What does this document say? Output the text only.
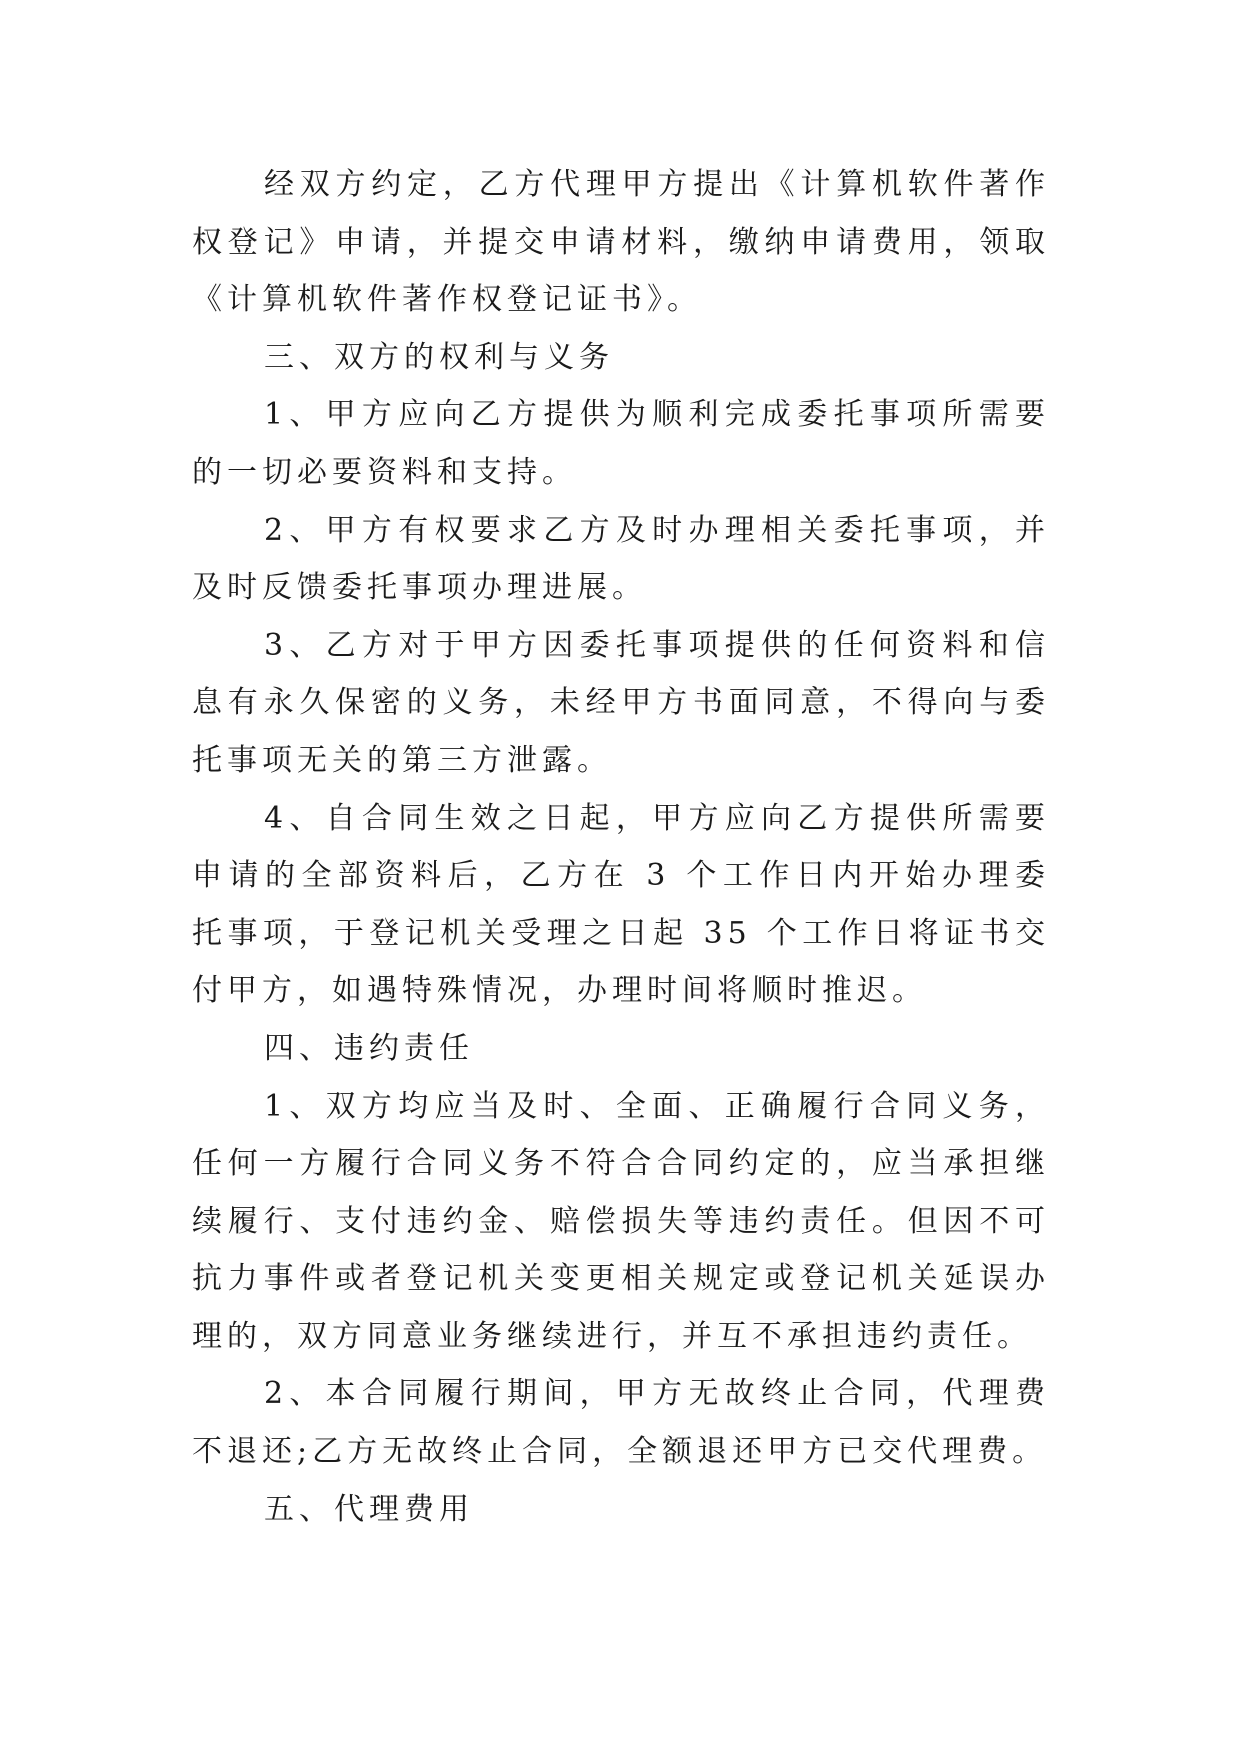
经双方约定，乙方代理甲方提出《计算机软件著作权登记》申请，并提交申请材料，缴纳申请费用，领取《计算机软件著作权登记证书》。

三、双方的权利与义务

1、甲方应向乙方提供为顺利完成委托事项所需要的一切必要资料和支持。

2、甲方有权要求乙方及时办理相关委托事项，并及时反馈委托事项办理进展。

3、乙方对于甲方因委托事项提供的任何资料和信息有永久保密的义务，未经甲方书面同意，不得向与委托事项无关的第三方泄露。

4、自合同生效之日起，甲方应向乙方提供所需要申请的全部资料后，乙方在 3 个工作日内开始办理委托事项，于登记机关受理之日起 35 个工作日将证书交付甲方，如遇特殊情况，办理时间将顺时推迟。

四、违约责任

1、双方均应当及时、全面、正确履行合同义务，任何一方履行合同义务不符合合同约定的，应当承担继续履行、支付违约金、赔偿损失等违约责任。但因不可抗力事件或者登记机关变更相关规定或登记机关延误办理的，双方同意业务继续进行，并互不承担违约责任。

2、本合同履行期间，甲方无故终止合同，代理费不退还;乙方无故终止合同，全额退还甲方已交代理费。

五、代理费用
